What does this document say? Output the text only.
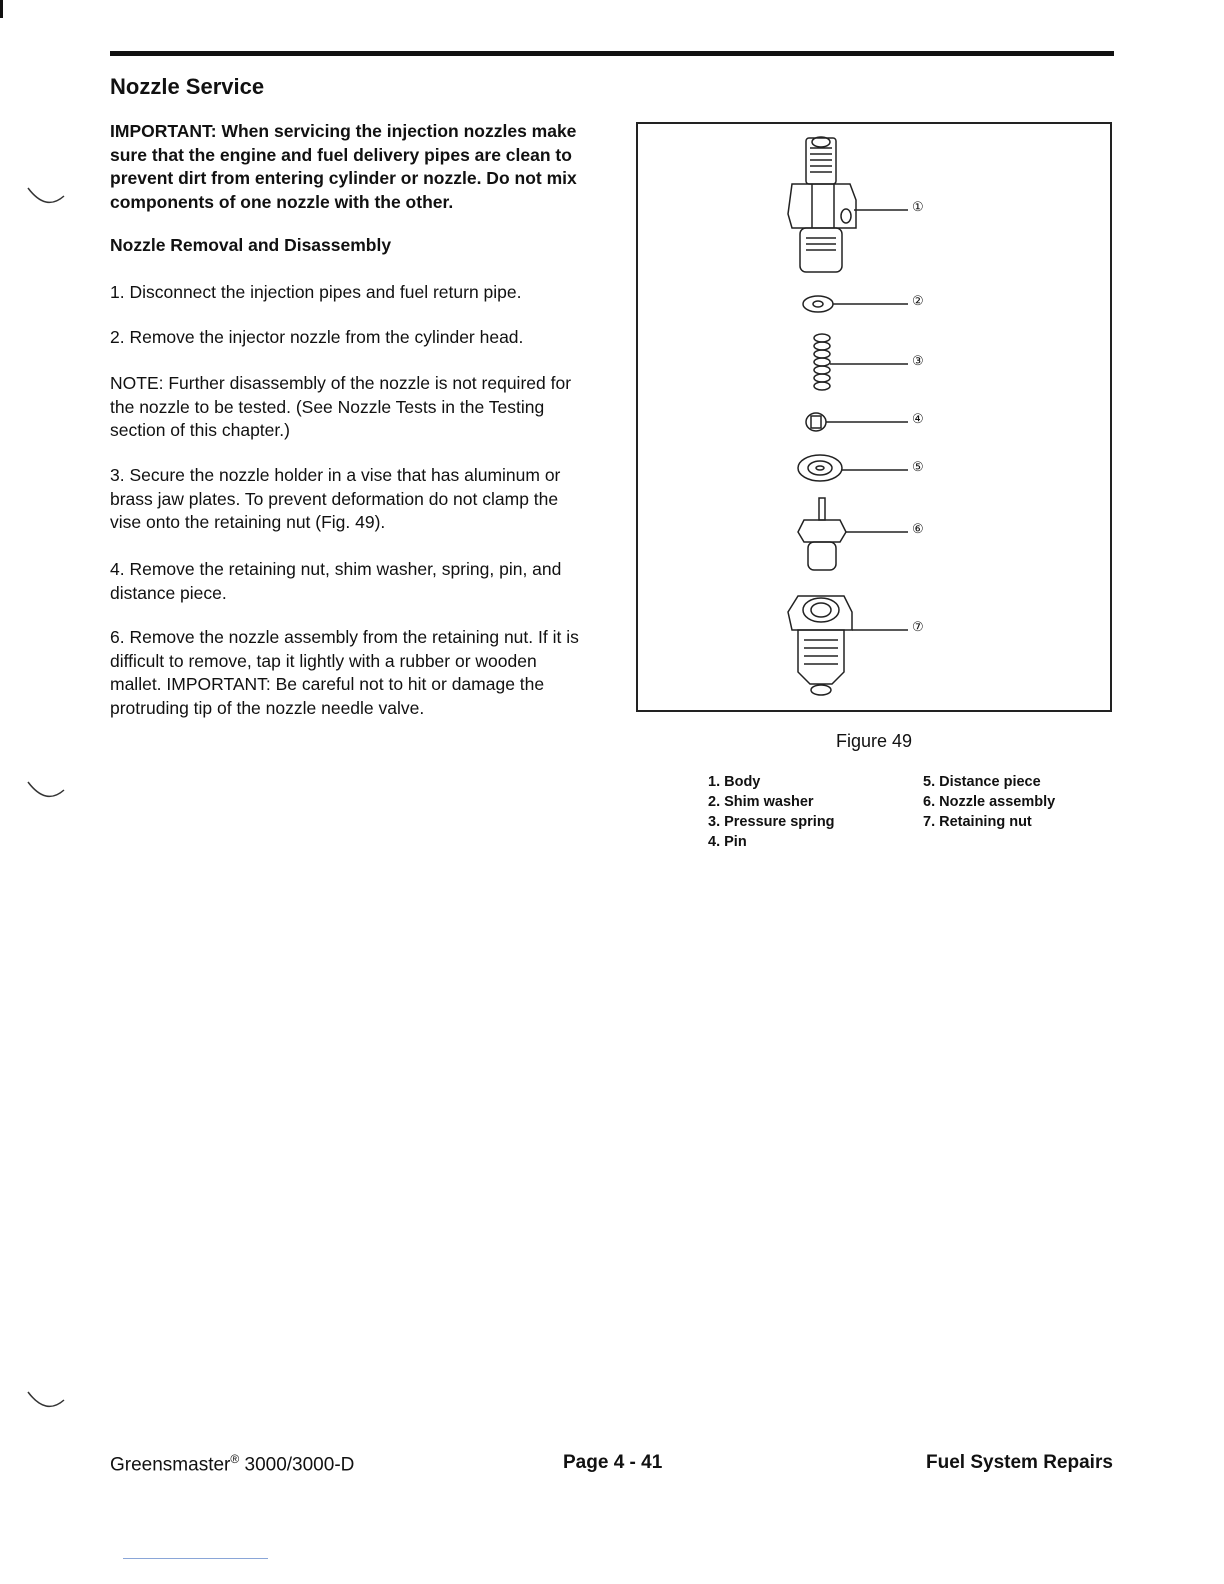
Nozzle Service
IMPORTANT: When servicing the injection nozzles make sure that the engine and fuel delivery pipes are clean to prevent dirt from entering cylinder or nozzle. Do not mix components of one nozzle with the other.
Nozzle Removal and Disassembly
1. Disconnect the injection pipes and fuel return pipe.
2. Remove the injector nozzle from the cylinder head.
NOTE: Further disassembly of the nozzle is not required for the nozzle to be tested. (See Nozzle Tests in the Testing section of this chapter.)
3. Secure the nozzle holder in a vise that has aluminum or brass jaw plates. To prevent deformation do not clamp the vise onto the retaining nut (Fig. 49).
4. Remove the retaining nut, shim washer, spring, pin, and distance piece.
6. Remove the nozzle assembly from the retaining nut. If it is difficult to remove, tap it lightly with a rubber or wooden mallet. IMPORTANT: Be careful not to hit or damage the protruding tip of the nozzle needle valve.
①
②
③
④
⑤
⑥
⑦
Figure 49
1. Body
2. Shim washer
3. Pressure spring
4. Pin
5. Distance piece
6. Nozzle assembly
7. Retaining nut
Greensmaster® 3000/3000-D	Page 4 - 41	Fuel System Repairs
